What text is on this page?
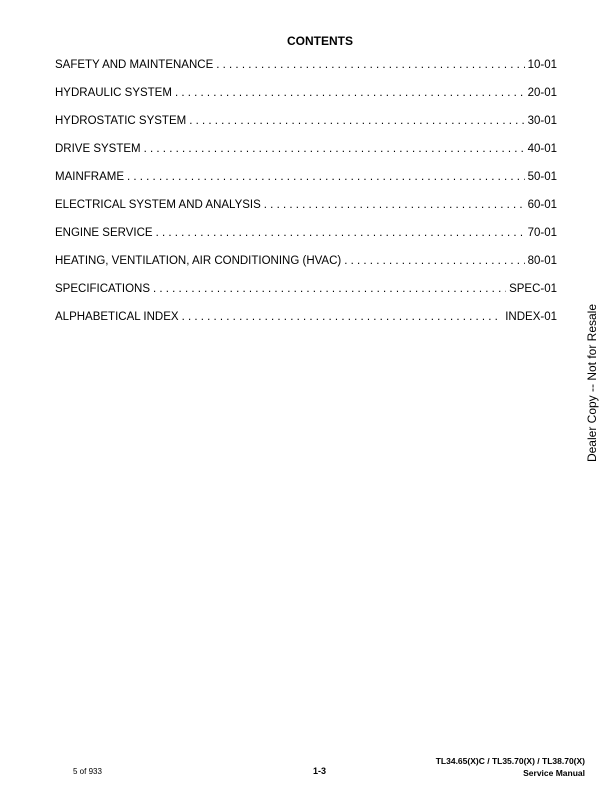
CONTENTS
SAFETY AND MAINTENANCE . . .	10-01
HYDRAULIC SYSTEM . . .	20-01
HYDROSTATIC SYSTEM . . .	30-01
DRIVE SYSTEM . . .	40-01
MAINFRAME . . .	50-01
ELECTRICAL SYSTEM AND ANALYSIS . . .	60-01
ENGINE SERVICE . . .	70-01
HEATING, VENTILATION, AIR CONDITIONING (HVAC) . . .	80-01
SPECIFICATIONS . . .	SPEC-01
ALPHABETICAL INDEX . . .	INDEX-01 Dealer Copy -- Not for Resale
5 of 933	1-3
TL34.65(X)C / TL35.70(X) / TL38.70(X)
Service Manual
